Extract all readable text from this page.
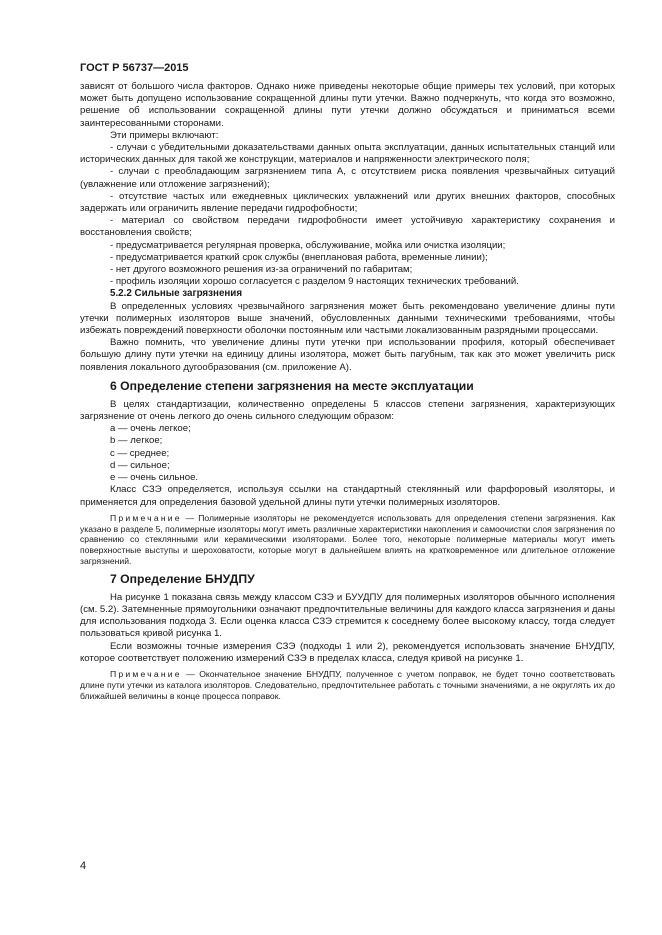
ГОСТ Р 56737—2015

зависят от большого числа факторов. Однако ниже приведены некоторые общие примеры тех условий, при которых может быть допущено использование сокращенной длины пути утечки. Важно подчеркнуть, что когда это возможно, решение об использовании сокращенной длины пути утечки должно обсуждаться и приниматься всеми заинтересованными сторонами.

Эти примеры включают:

- случаи с убедительными доказательствами данных опыта эксплуатации, данных испытательных станций или исторических данных для такой же конструкции, материалов и напряженности электрического поля;

- случаи с преобладающим загрязнением типа А, с отсутствием риска появления чрезвычайных ситуаций (увлажнение или отложение загрязнений);

- отсутствие частых или ежедневных циклических увлажнений или других внешних факторов, способных задержать или ограничить явление передачи гидрофобности;

- материал со свойством передачи гидрофобности имеет устойчивую характеристику сохранения и восстановления свойств;

- предусматривается регулярная проверка, обслуживание, мойка или очистка изоляции;

- предусматривается краткий срок службы (внеплановая работа, временные линии);

- нет другого возможного решения из-за ограничений по габаритам;

- профиль изоляции хорошо согласуется с разделом 9 настоящих технических требований.

5.2.2 Сильные загрязнения

В определенных условиях чрезвычайного загрязнения может быть рекомендовано увеличение длины пути утечки полимерных изоляторов выше значений, обусловленных данными техническими требованиями, чтобы избежать повреждений поверхности оболочки постоянным или частыми локализованным разрядными процессами.

Важно помнить, что увеличение длины пути утечки при использовании профиля, который обеспечивает большую длину пути утечки на единицу длины изолятора, может быть пагубным, так как это может увеличить риск появления локального дугообразования (см. приложение А).

6 Определение степени загрязнения на месте эксплуатации

В целях стандартизации, количественно определены 5 классов степени загрязнения, характеризующих загрязнение от очень легкого до очень сильного следующим образом:

а — очень легкое;

b — легкое;

с — среднее;

d — сильное;

е — очень сильное.

Класс СЗЭ определяется, используя ссылки на стандартный стеклянный или фарфоровый изоляторы, и применяется для определения базовой удельной длины пути утечки полимерных изоляторов.

Примечание — Полимерные изоляторы не рекомендуется использовать для определения степени загрязнения. Как указано в разделе 5, полимерные изоляторы могут иметь различные характеристики накопления и самоочистки слоя загрязнения по сравнению со стеклянными или керамическими изоляторами. Более того, некоторые полимерные материалы могут иметь поверхностные выступы и шероховатости, которые могут в дальнейшем влиять на кратковременное или длительное отложение загрязнений.

7 Определение БНУДПУ

На рисунке 1 показана связь между классом СЗЭ и БУУДПУ для полимерных изоляторов обычного исполнения (см. 5.2). Затемненные прямоугольники означают предпочтительные величины для каждого класса загрязнения и даны для использования подхода 3. Если оценка класса СЗЭ стремится к соседнему более высокому классу, тогда следует пользоваться кривой рисунка 1.

Если возможны точные измерения СЗЭ (подходы 1 или 2), рекомендуется использовать значение БНУДПУ, которое соответствует положению измерений СЗЭ в пределах класса, следуя кривой на рисунке 1.

Примечание — Окончательное значение БНУДПУ, полученное с учетом поправок, не будет точно соответствовать длине пути утечки из каталога изоляторов. Следовательно, предпочтительнее работать с точными значениями, а не округлять их до ближайшей величины в конце процесса поправок.

4
